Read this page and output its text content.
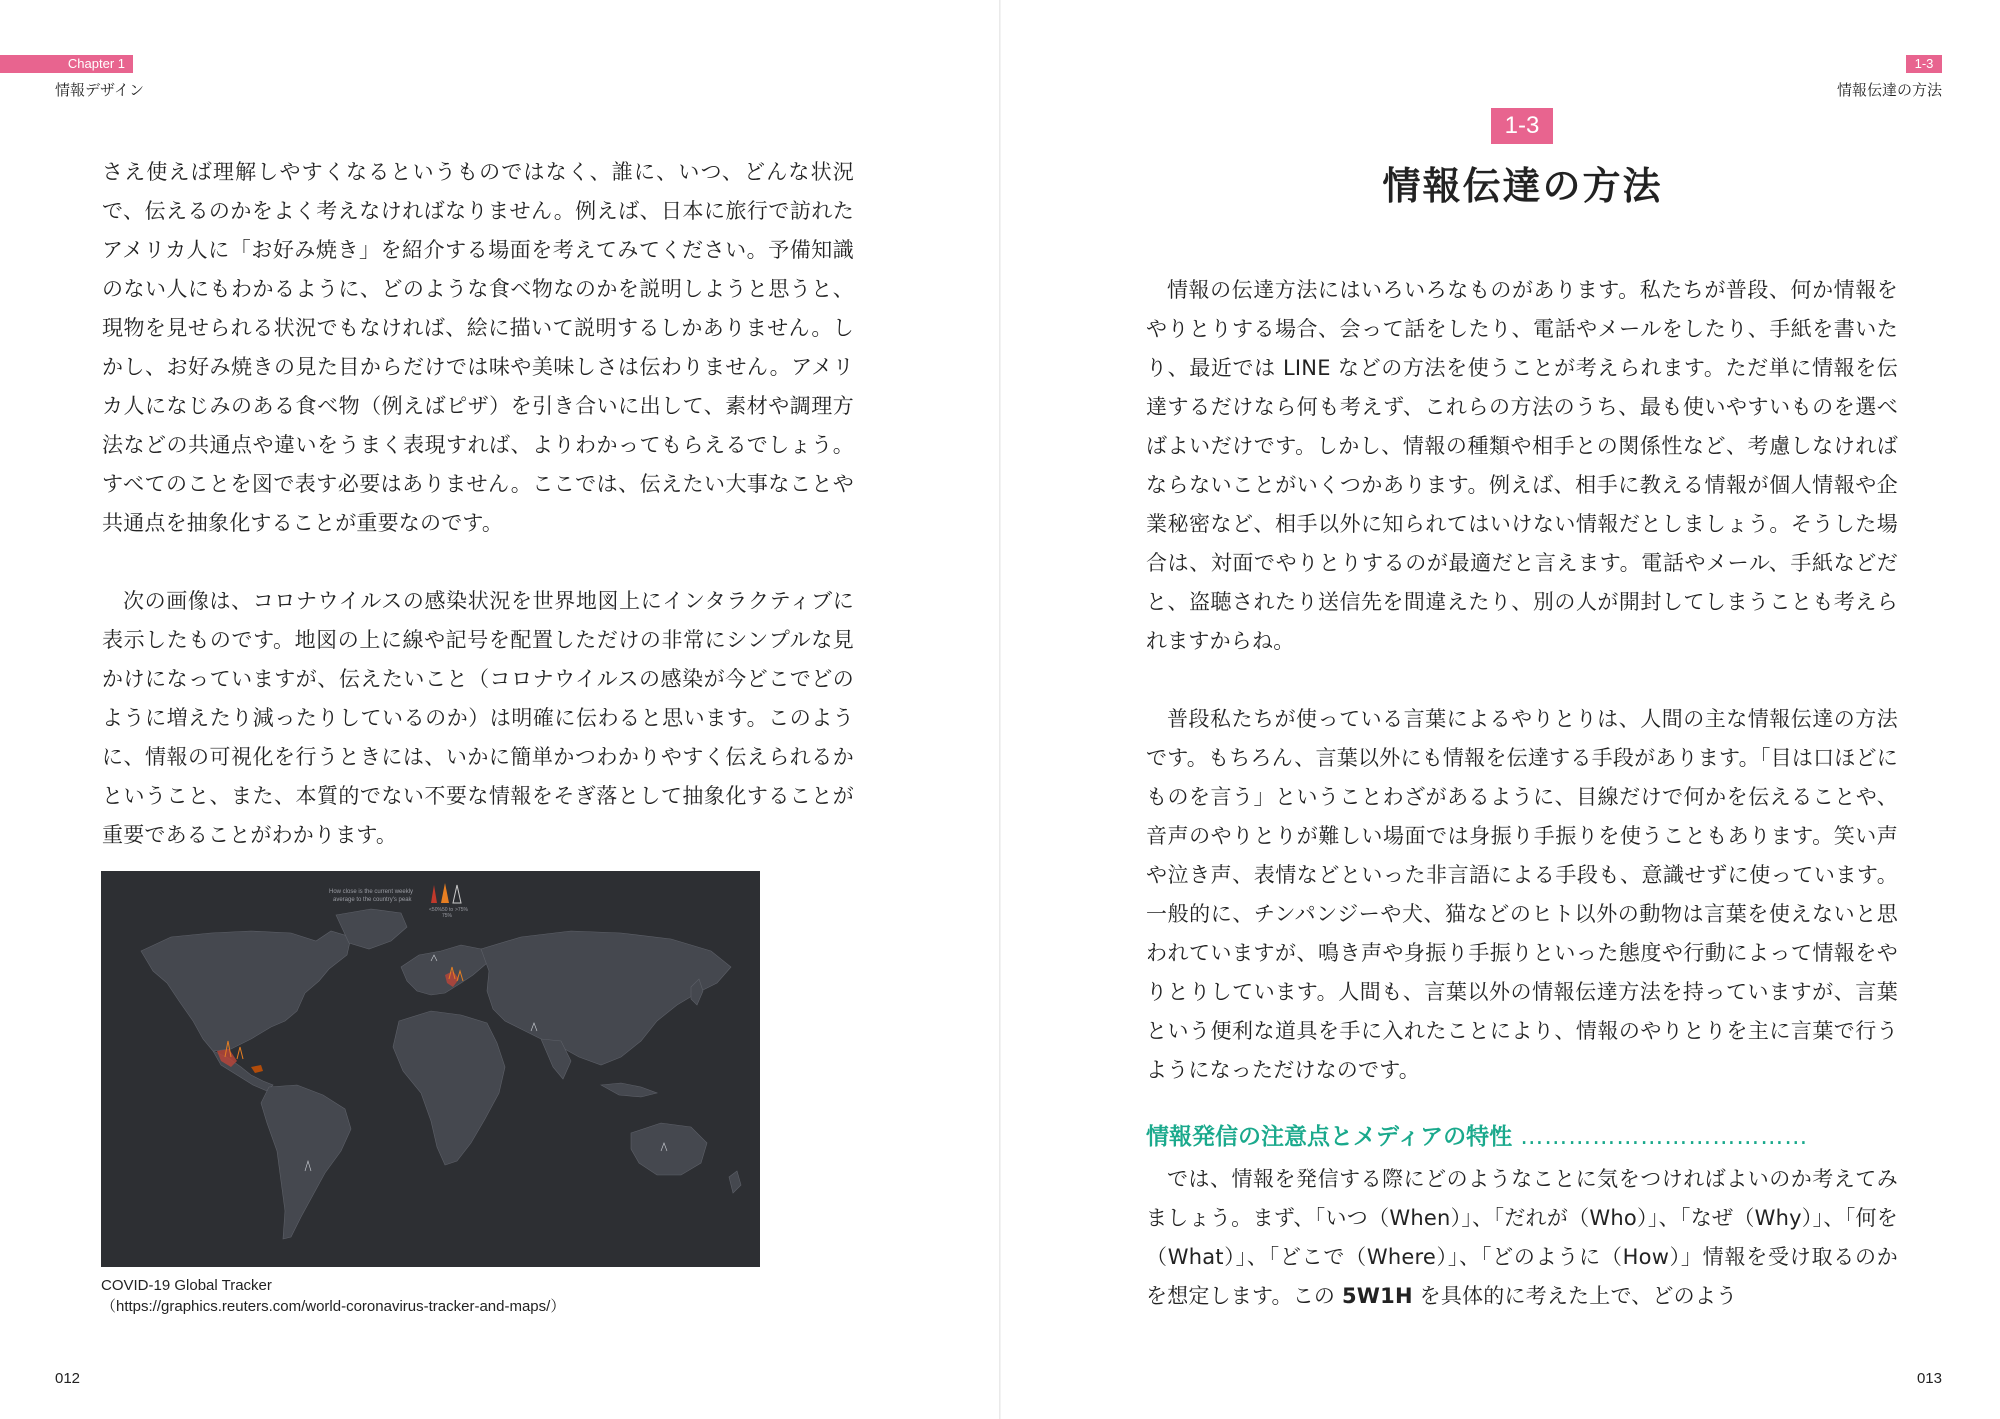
Chapter 1
情報デザイン
1-3
情報伝達の方法

さえ使えば理解しやすくなるというものではなく、誰に、いつ、どんな状況で、伝えるのかをよく考えなければなりません。例えば、日本に旅行で訪れたアメリカ人に「お好み焼き」を紹介する場面を考えてみてください。予備知識のない人にもわかるように、どのような食べ物なのかを説明しようと思うと、現物を見せられる状況でもなければ、絵に描いて説明するしかありません。しかし、お好み焼きの見た目からだけでは味や美味しさは伝わりません。アメリカ人になじみのある食べ物（例えばピザ）を引き合いに出して、素材や調理方法などの共通点や違いをうまく表現すれば、よりわかってもらえるでしょう。すべてのことを図で表す必要はありません。ここでは、伝えたい大事なことや共通点を抽象化することが重要なのです。

次の画像は、コロナウイルスの感染状況を世界地図上にインタラクティブに表示したものです。地図の上に線や記号を配置しただけの非常にシンプルな見かけになっていますが、伝えたいこと（コロナウイルスの感染が今どこでどのように増えたり減ったりしているのか）は明確に伝わると思います。このように、情報の可視化を行うときには、いかに簡単かつわかりやすく伝えられるかということ、また、本質的でない不要な情報をそぎ落として抽象化することが重要であることがわかります。

How close is the current weekly
average to the country's peak
<50% 50 to >75%
75%
COVID-19 Global Tracker
（https://graphics.reuters.com/world-coronavirus-tracker-and-maps/）
012
1-3
情報伝達の方法

情報の伝達方法にはいろいろなものがあります。私たちが普段、何か情報をやりとりする場合、会って話をしたり、電話やメールをしたり、手紙を書いたり、最近では LINE などの方法を使うことが考えられます。ただ単に情報を伝達するだけなら何も考えず、これらの方法のうち、最も使いやすいものを選べばよいだけです。しかし、情報の種類や相手との関係性など、考慮しなければならないことがいくつかあります。例えば、相手に教える情報が個人情報や企業秘密など、相手以外に知られてはいけない情報だとしましょう。そうした場合は、対面でやりとりするのが最適だと言えます。電話やメール、手紙などだと、盗聴されたり送信先を間違えたり、別の人が開封してしまうことも考えられますからね。

普段私たちが使っている言葉によるやりとりは、人間の主な情報伝達の方法です。もちろん、言葉以外にも情報を伝達する手段があります。「目は口ほどにものを言う」ということわざがあるように、目線だけで何かを伝えることや、音声のやりとりが難しい場面では身振り手振りを使うこともあります。笑い声や泣き声、表情などといった非言語による手段も、意識せずに使っています。一般的に、チンパンジーや犬、猫などのヒト以外の動物は言葉を使えないと思われていますが、鳴き声や身振り手振りといった態度や行動によって情報をやりとりしています。人間も、言葉以外の情報伝達方法を持っていますが、言葉という便利な道具を手に入れたことにより、情報のやりとりを主に言葉で行うようになっただけなのです。

情報発信の注意点とメディアの特性 ………………………………

では、情報を発信する際にどのようなことに気をつければよいのか考えてみましょう。まず、「いつ（When）」、「だれが（Who）」、「なぜ（Why）」、「何を（What）」、「どこで（Where）」、「どのように（How）」情報を受け取るのかを想定します。この 5W1H を具体的に考えた上で、どのよう

013
